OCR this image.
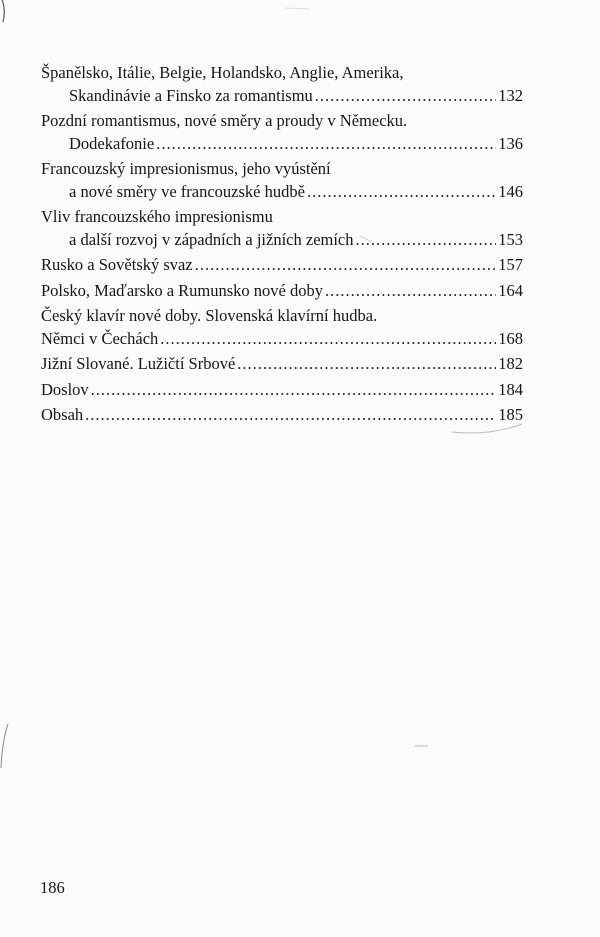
Španělsko, Itálie, Belgie, Holandsko, Anglie, Amerika,
Skandinávie a Finsko za romantismu .....	132
Pozdní romantismus, nové směry a proudy v Německu.
Dodekafonie .....	136
Francouzský impresionismus, jeho vyústění
a nové směry ve francouzské hudbě .....	146
Vliv francouzského impresionismu
a další rozvoj v západních a jižních zemích .....	153
Rusko a Sovětský svaz .....	157
Polsko, Maďarsko a Rumunsko nové doby .....	164
Český klavír nové doby. Slovenská klavírní hudba.
Němci v Čechách .....	168
Jižní Slované. Lužičtí Srbové .....	182
Doslov .....	184
Obsah .....	185
186
